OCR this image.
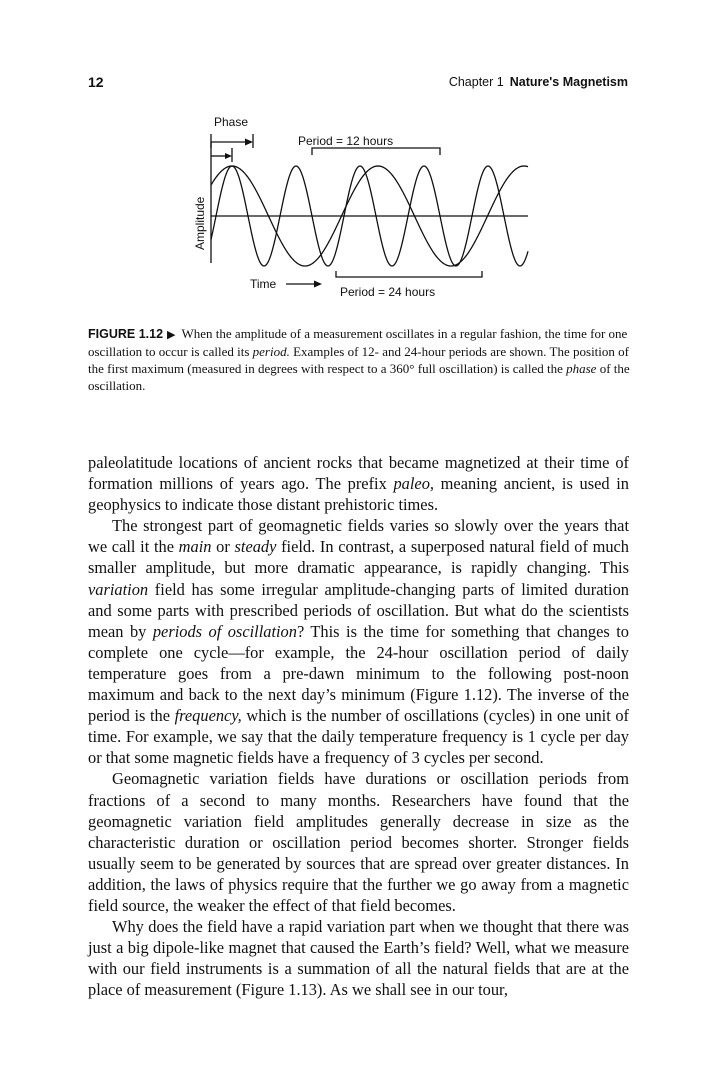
12	Chapter 1 Nature's Magnetism
Phase
Period = 12 hours
Period = 24 hours
Time
Amplitude
FIGURE 1.12 ▶ When the amplitude of a measurement oscillates in a regular fashion, the time for one oscillation to occur is called its period. Examples of 12- and 24-hour periods are shown. The position of the first maximum (measured in degrees with respect to a 360° full oscillation) is called the phase of the oscillation.

paleolatitude locations of ancient rocks that became magnetized at their time of formation millions of years ago. The prefix paleo, meaning ancient, is used in geophysics to indicate those distant prehistoric times.

The strongest part of geomagnetic fields varies so slowly over the years that we call it the main or steady field. In contrast, a superposed natural field of much smaller amplitude, but more dramatic appearance, is rapidly changing. This variation field has some irregular amplitude-changing parts of limited duration and some parts with prescribed periods of oscillation. But what do the scientists mean by periods of oscillation? This is the time for something that changes to complete one cycle—for example, the 24-hour oscillation period of daily temperature goes from a pre-dawn minimum to the following post-noon maximum and back to the next day’s minimum (Figure 1.12). The inverse of the period is the frequency, which is the number of oscillations (cycles) in one unit of time. For example, we say that the daily temperature frequency is 1 cycle per day or that some magnetic fields have a frequency of 3 cycles per second.

Geomagnetic variation fields have durations or oscillation periods from fractions of a second to many months. Researchers have found that the geomagnetic variation field amplitudes generally decrease in size as the characteristic duration or oscillation period becomes shorter. Stronger fields usually seem to be generated by sources that are spread over greater distances. In addition, the laws of physics require that the further we go away from a magnetic field source, the weaker the effect of that field becomes.

Why does the field have a rapid variation part when we thought that there was just a big dipole-like magnet that caused the Earth’s field? Well, what we measure with our field instruments is a summation of all the natural fields that are at the place of measurement (Figure 1.13). As we shall see in our tour,
